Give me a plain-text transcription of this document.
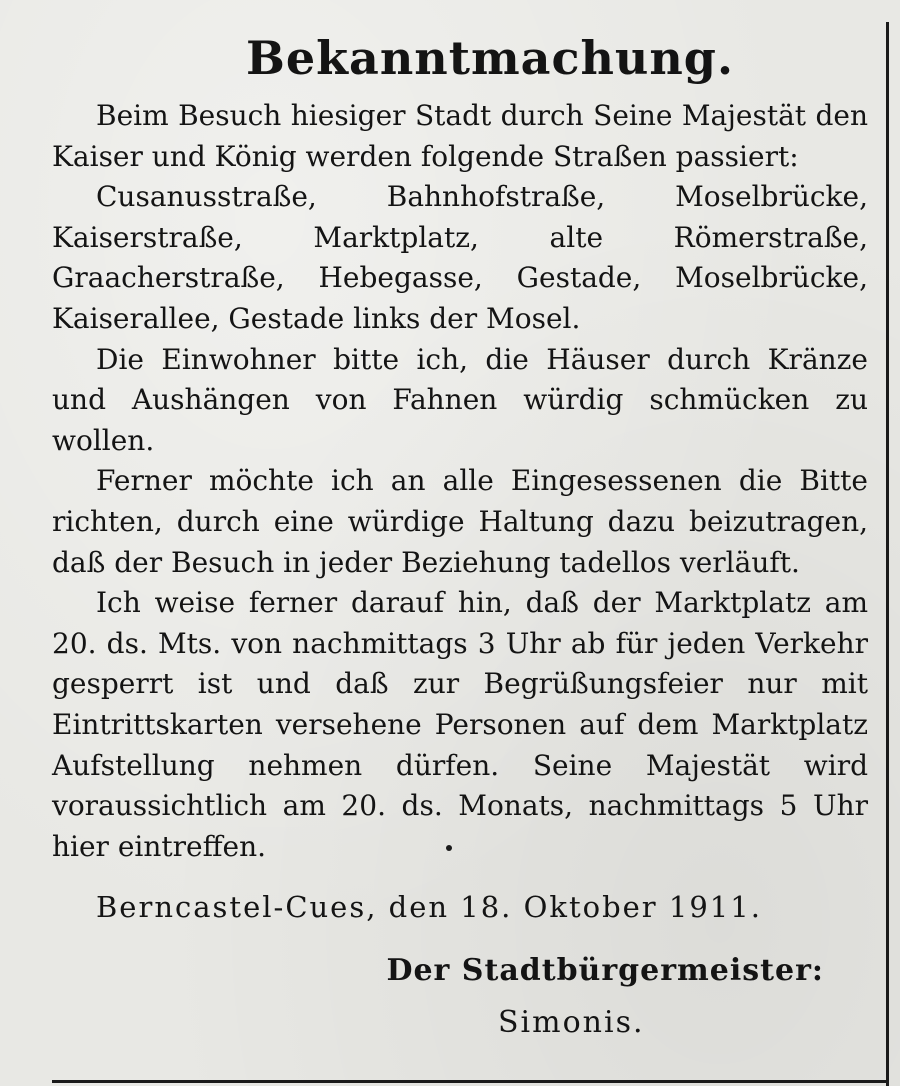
Bekanntmachung.

Beim Besuch hiesiger Stadt durch Seine Majestät den Kaiser und König werden folgende Straßen passiert:

Cusanusstraße, Bahnhofstraße, Moselbrücke, Kaiserstraße, Marktplatz, alte Römerstraße, Graacherstraße, Hebegasse, Gestade, Moselbrücke, Kaiserallee, Gestade links der Mosel.

Die Einwohner bitte ich, die Häuser durch Kränze und Aushängen von Fahnen würdig schmücken zu wollen.

Ferner möchte ich an alle Eingesessenen die Bitte richten, durch eine würdige Haltung dazu beizutragen, daß der Besuch in jeder Beziehung tadellos verläuft.

Ich weise ferner darauf hin, daß der Marktplatz am 20. ds. Mts. von nachmittags 3 Uhr ab für jeden Verkehr gesperrt ist und daß zur Begrüßungsfeier nur mit Eintrittskarten versehene Personen auf dem Marktplatz Aufstellung nehmen dürfen. Seine Majestät wird voraussichtlich am 20. ds. Monats, nachmittags 5 Uhr hier eintreffen.

Berncastel-Cues, den 18. Oktober 1911.
Der Stadtbürgermeister:
Simonis.
